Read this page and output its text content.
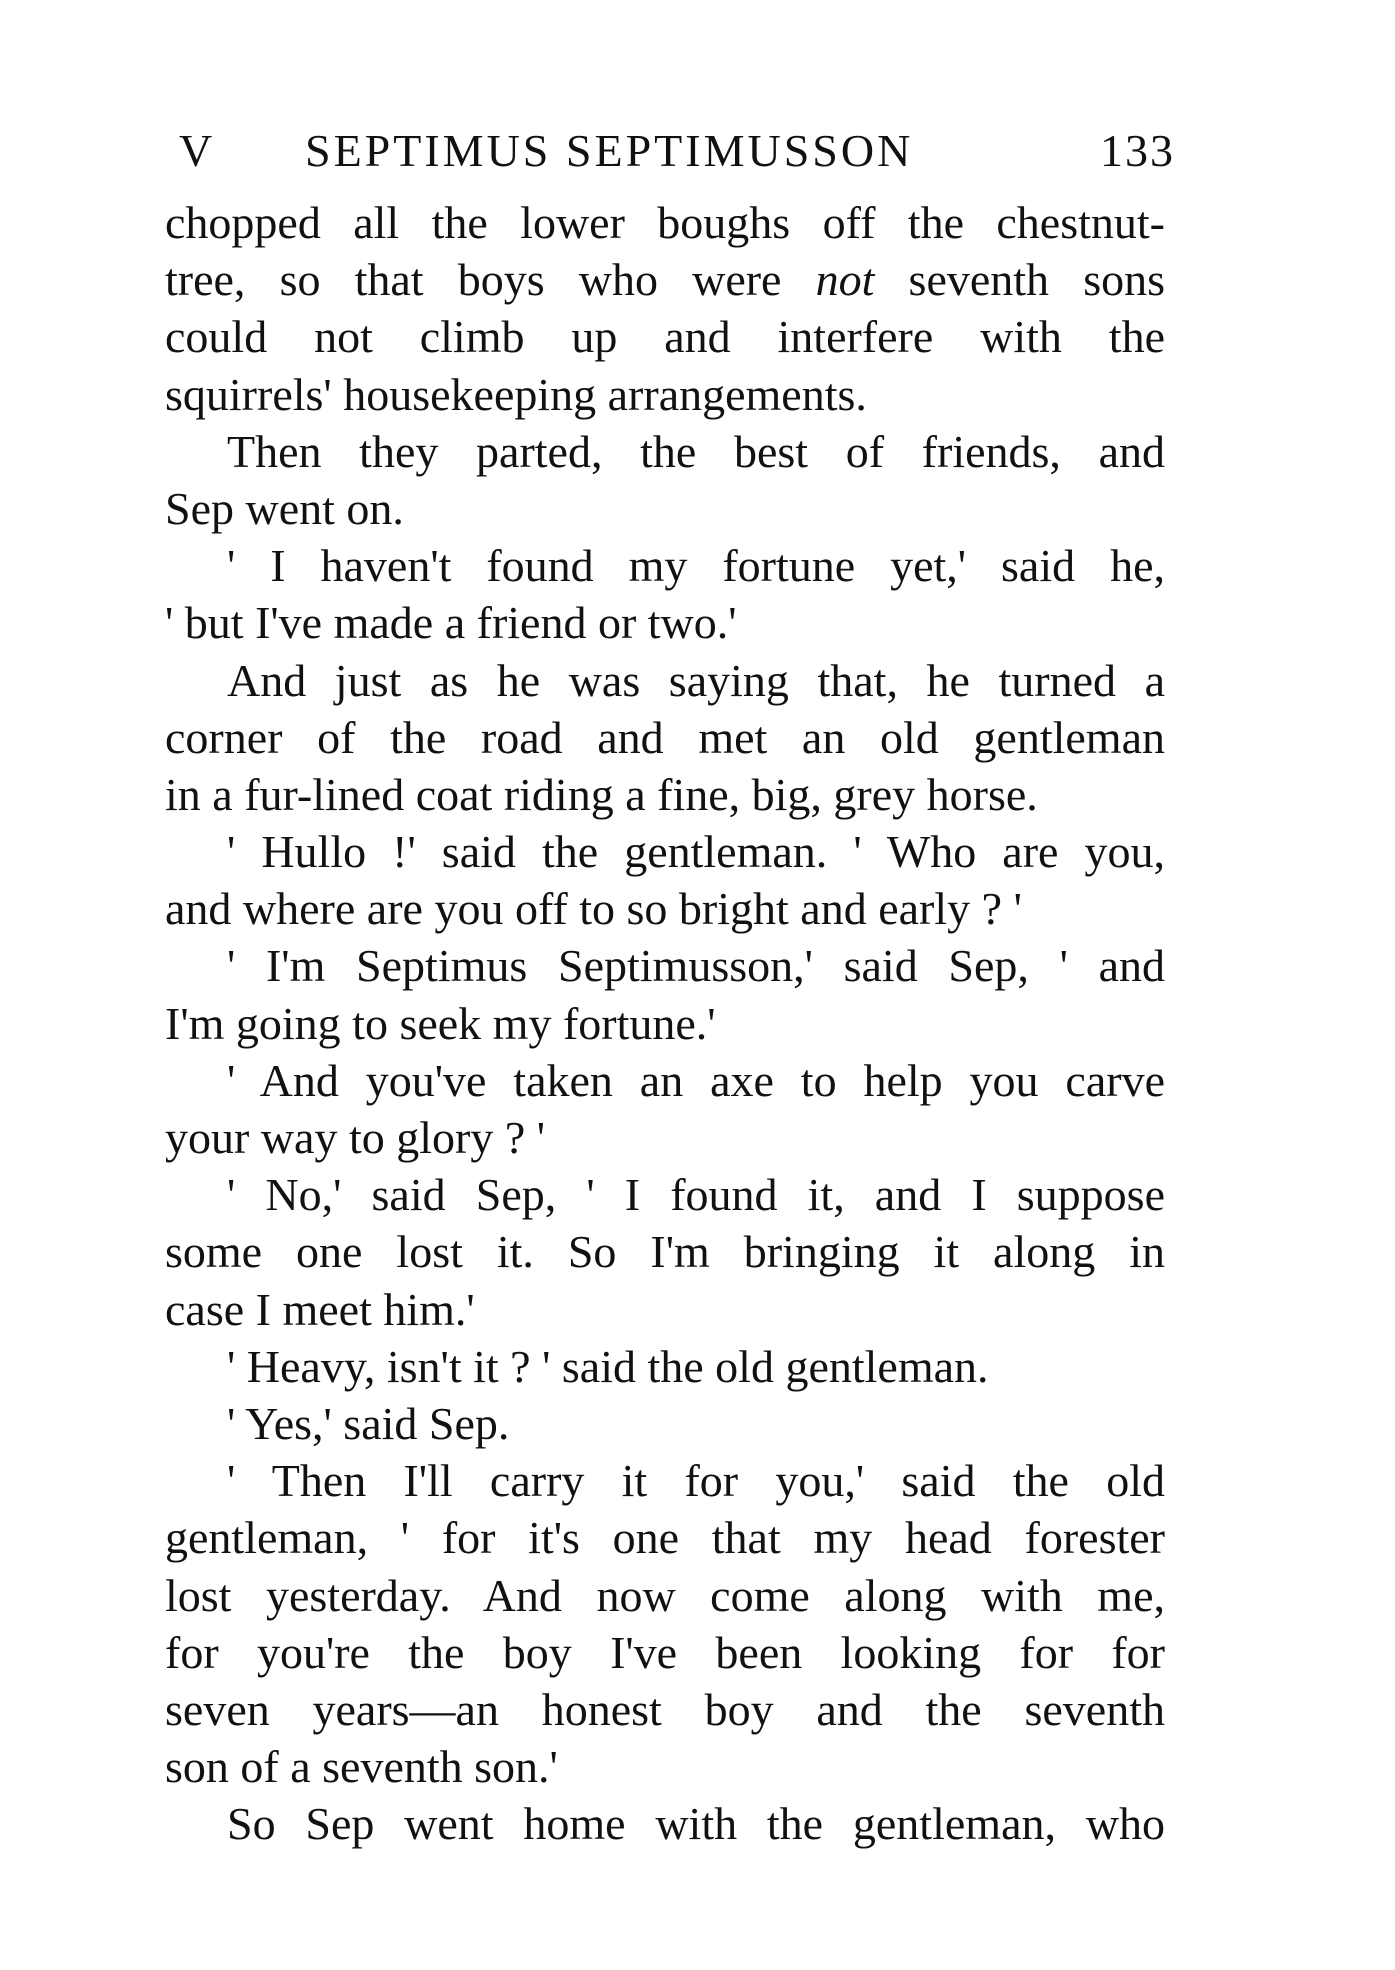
V SEPTIMUS SEPTIMUSSON	133
chopped all the lower boughs off the chestnut-
tree, so that boys who were not seventh sons
could not climb up and interfere with the
squirrels' housekeeping arrangements.
Then they parted, the best of friends, and
Sep went on.
' I haven't found my fortune yet,' said he,
' but I've made a friend or two.'
And just as he was saying that, he turned a
corner of the road and met an old gentleman
in a fur-lined coat riding a fine, big, grey horse.
' Hullo !' said the gentleman. ' Who are you,
and where are you off to so bright and early ? '
' I'm Septimus Septimusson,' said Sep, ' and
I'm going to seek my fortune.'
' And you've taken an axe to help you carve
your way to glory ? '
' No,' said Sep, ' I found it, and I suppose
some one lost it. So I'm bringing it along in
case I meet him.'
' Heavy, isn't it ? ' said the old gentleman.
' Yes,' said Sep.
' Then I'll carry it for you,' said the old
gentleman, ' for it's one that my head forester
lost yesterday. And now come along with me,
for you're the boy I've been looking for for
seven years—an honest boy and the seventh
son of a seventh son.'
So Sep went home with the gentleman, who
